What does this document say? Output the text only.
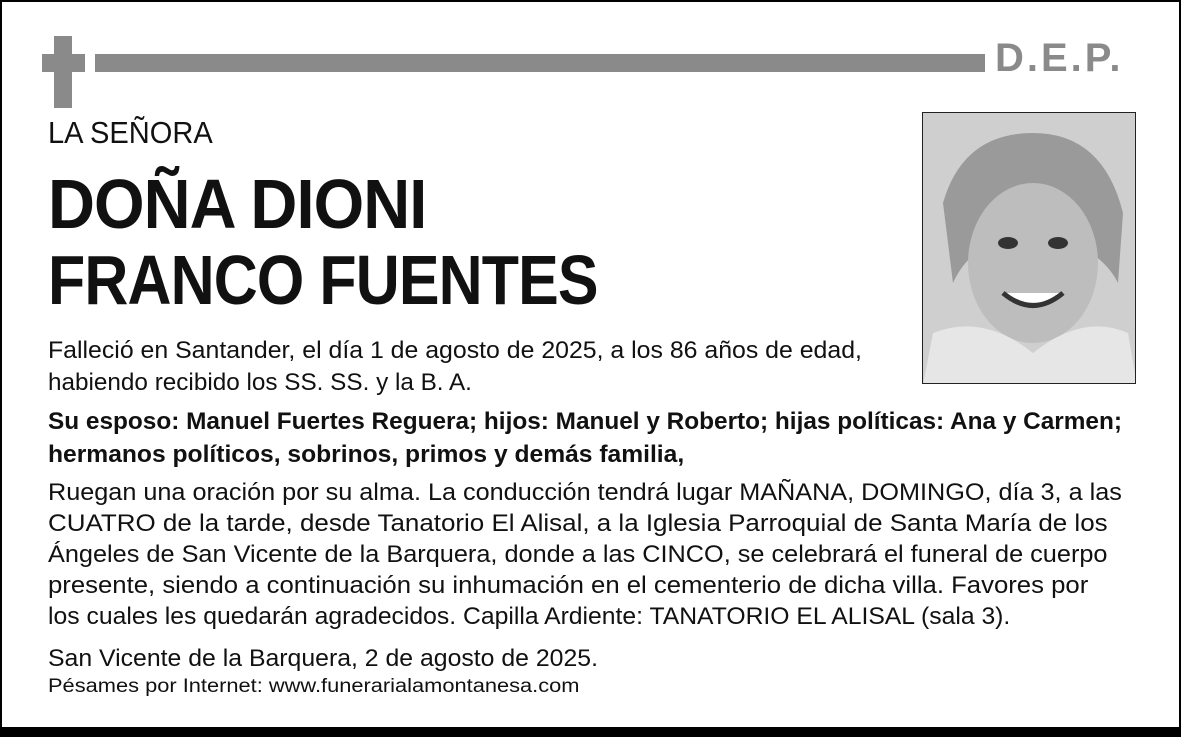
D.E.P.
LA SEÑORA
DOÑA DIONI
FRANCO FUENTES
Falleció en Santander, el día 1 de agosto de 2025, a los 86 años de edad,
habiendo recibido los SS. SS. y la B. A.
Su esposo: Manuel Fuertes Reguera; hijos: Manuel y Roberto; hijas políticas: Ana y Carmen;
hermanos políticos, sobrinos, primos y demás familia,
Ruegan una oración por su alma. La conducción tendrá lugar MAÑANA, DOMINGO, día 3, a las
CUATRO de la tarde, desde Tanatorio El Alisal, a la Iglesia Parroquial de Santa María de los
Ángeles de San Vicente de la Barquera, donde a las CINCO, se celebrará el funeral de cuerpo
presente, siendo a continuación su inhumación en el cementerio de dicha villa. Favores por
los cuales les quedarán agradecidos. Capilla Ardiente: TANATORIO EL ALISAL (sala 3).
San Vicente de la Barquera, 2 de agosto de 2025.
Pésames por Internet: www.funerarialamontanesa.com
